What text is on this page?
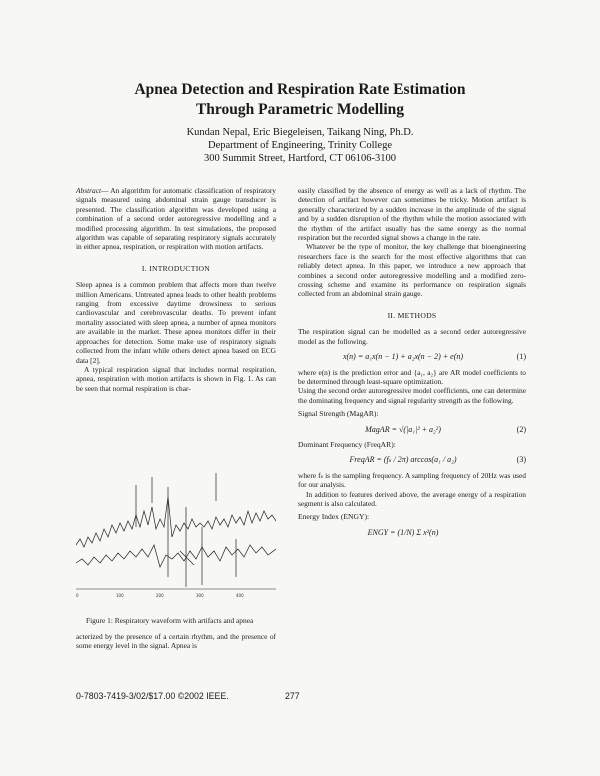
Apnea Detection and Respiration Rate Estimation
Through Parametric Modelling
Kundan Nepal, Eric Biegeleisen, Taikang Ning, Ph.D.
Department of Engineering, Trinity College
300 Summit Street, Hartford, CT 06106-3100

Abstract— An algorithm for automatic classification of respiratory signals measured using abdominal strain gauge transducer is presented. The classification algorithm was developed using a combination of a second order autoregressive modelling and a modified processing algorithm. In test simulations, the proposed algorithm was capable of separating respiratory signals accurately in either apnea, respiration, or respiration with motion artifacts.

I. INTRODUCTION

Sleep apnea is a common problem that affects more than twelve million Americans. Untreated apnea leads to other health problems ranging from excessive daytime drowsiness to serious cardiovascular and cerebrovascular deaths. To prevent infant mortality associated with sleep apnea, a number of apnea monitors are available in the market. These apnea monitors differ in their approaches for detection. Some make use of respiratory signals collected from the infant while others detect apnea based on ECG data [2].

A typical respiration signal that includes normal respiration, apnea, respiration with motion artifacts is shown in Fig. 1. As can be seen that normal respiration is char-

0	100	200	300	400
Figure 1: Respiratory waveform with artifacts and apnea

acterized by the presence of a certain rhythm, and the presence of some energy level in the signal. Apnea is

easily classified by the absence of energy as well as a lack of rhythm. The detection of artifact however can sometimes be tricky. Motion artifact is generally characterized by a sudden increase in the amplitude of the signal and by a sudden disruption of the rhythm while the motion associated with the rhythm of the artifact usually has the same energy as the normal respiration but the recorded signal shows a change in the rate.

Whatever be the type of monitor, the key challenge that bioengineering researchers face is the search for the most effective algorithms that can reliably detect apnea. In this paper, we introduce a new approach that combines a second order autoregressive modelling and a modified zero-crossing scheme and examine its performance on respiration signals collected from an abdominal strain gauge.

II. METHODS

The respiration signal can be modelled as a second order autoregressive model as the following.

x(n) = a₁x(n − 1) + a₂x(n − 2) + e(n)	(1)

where e(n) is the prediction error and {a₁, a₂} are AR model coefficients to be determined through least-square optimization.

Using the second order autoregressive model coefficients, one can determine the dominating frequency and signal regularity strength as the following.

Signal Strength (MagAR):
MagAR = √(|a₁|² + a₂²)	(2)
Dominant Frequency (FreqAR):
FreqAR = (fₛ / 2π) arccos(a₁ / a₂)	(3)

where fₛ is the sampling frequency. A sampling frequency of 20Hz was used for our analysis.

In addition to features derived above, the average energy of a respiration segment is also calculated.

Energy Index (ENGY):
ENGY = (1/N) Σ x²(n)
0-7803-7419-3/02/$17.00 ©2002 IEEE.	277
